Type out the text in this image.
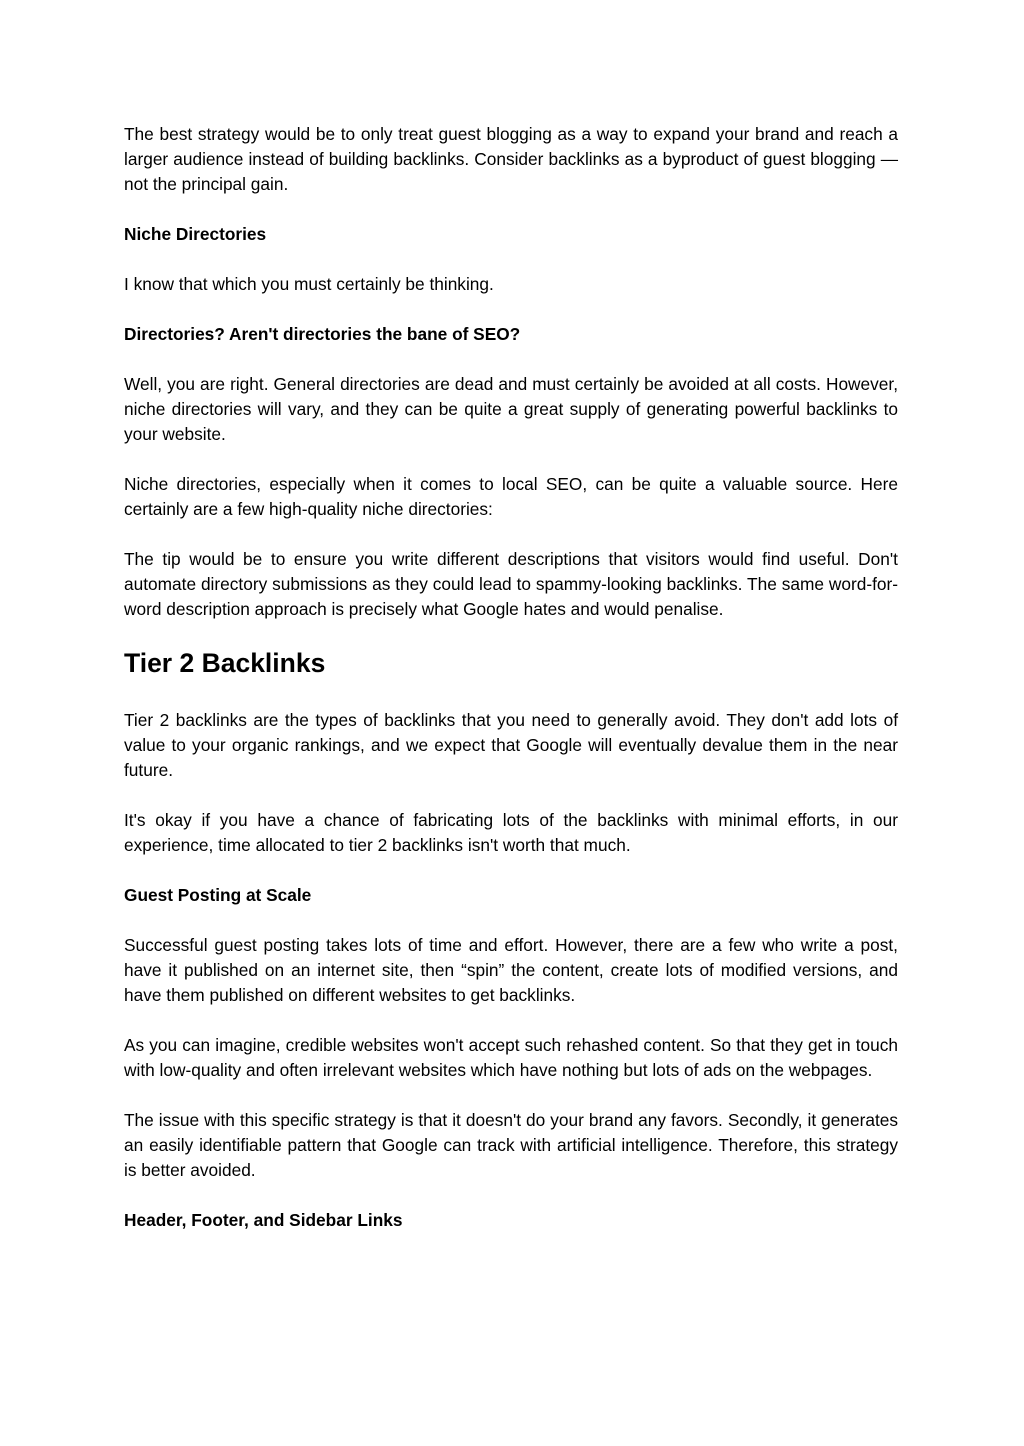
The best strategy would be to only treat guest blogging as a way to expand your brand and reach a larger audience instead of building backlinks. Consider backlinks as a byproduct of guest blogging — not the principal gain.

Niche Directories

I know that which you must certainly be thinking.

Directories? Aren't directories the bane of SEO?

Well, you are right. General directories are dead and must certainly be avoided at all costs. However, niche directories will vary, and they can be quite a great supply of generating powerful backlinks to your website.

Niche directories, especially when it comes to local SEO, can be quite a valuable source. Here certainly are a few high-quality niche directories:

The tip would be to ensure you write different descriptions that visitors would find useful. Don't automate directory submissions as they could lead to spammy-looking backlinks. The same word-for-word description approach is precisely what Google hates and would penalise.

Tier 2 Backlinks

Tier 2 backlinks are the types of backlinks that you need to generally avoid. They don't add lots of value to your organic rankings, and we expect that Google will eventually devalue them in the near future.

It's okay if you have a chance of fabricating lots of the backlinks with minimal efforts, in our experience, time allocated to tier 2 backlinks isn't worth that much.

Guest Posting at Scale

Successful guest posting takes lots of time and effort. However, there are a few who write a post, have it published on an internet site, then “spin” the content, create lots of modified versions, and have them published on different websites to get backlinks.

As you can imagine, credible websites won't accept such rehashed content. So that they get in touch with low-quality and often irrelevant websites which have nothing but lots of ads on the webpages.

The issue with this specific strategy is that it doesn't do your brand any favors. Secondly, it generates an easily identifiable pattern that Google can track with artificial intelligence. Therefore, this strategy is better avoided.

Header, Footer, and Sidebar Links
